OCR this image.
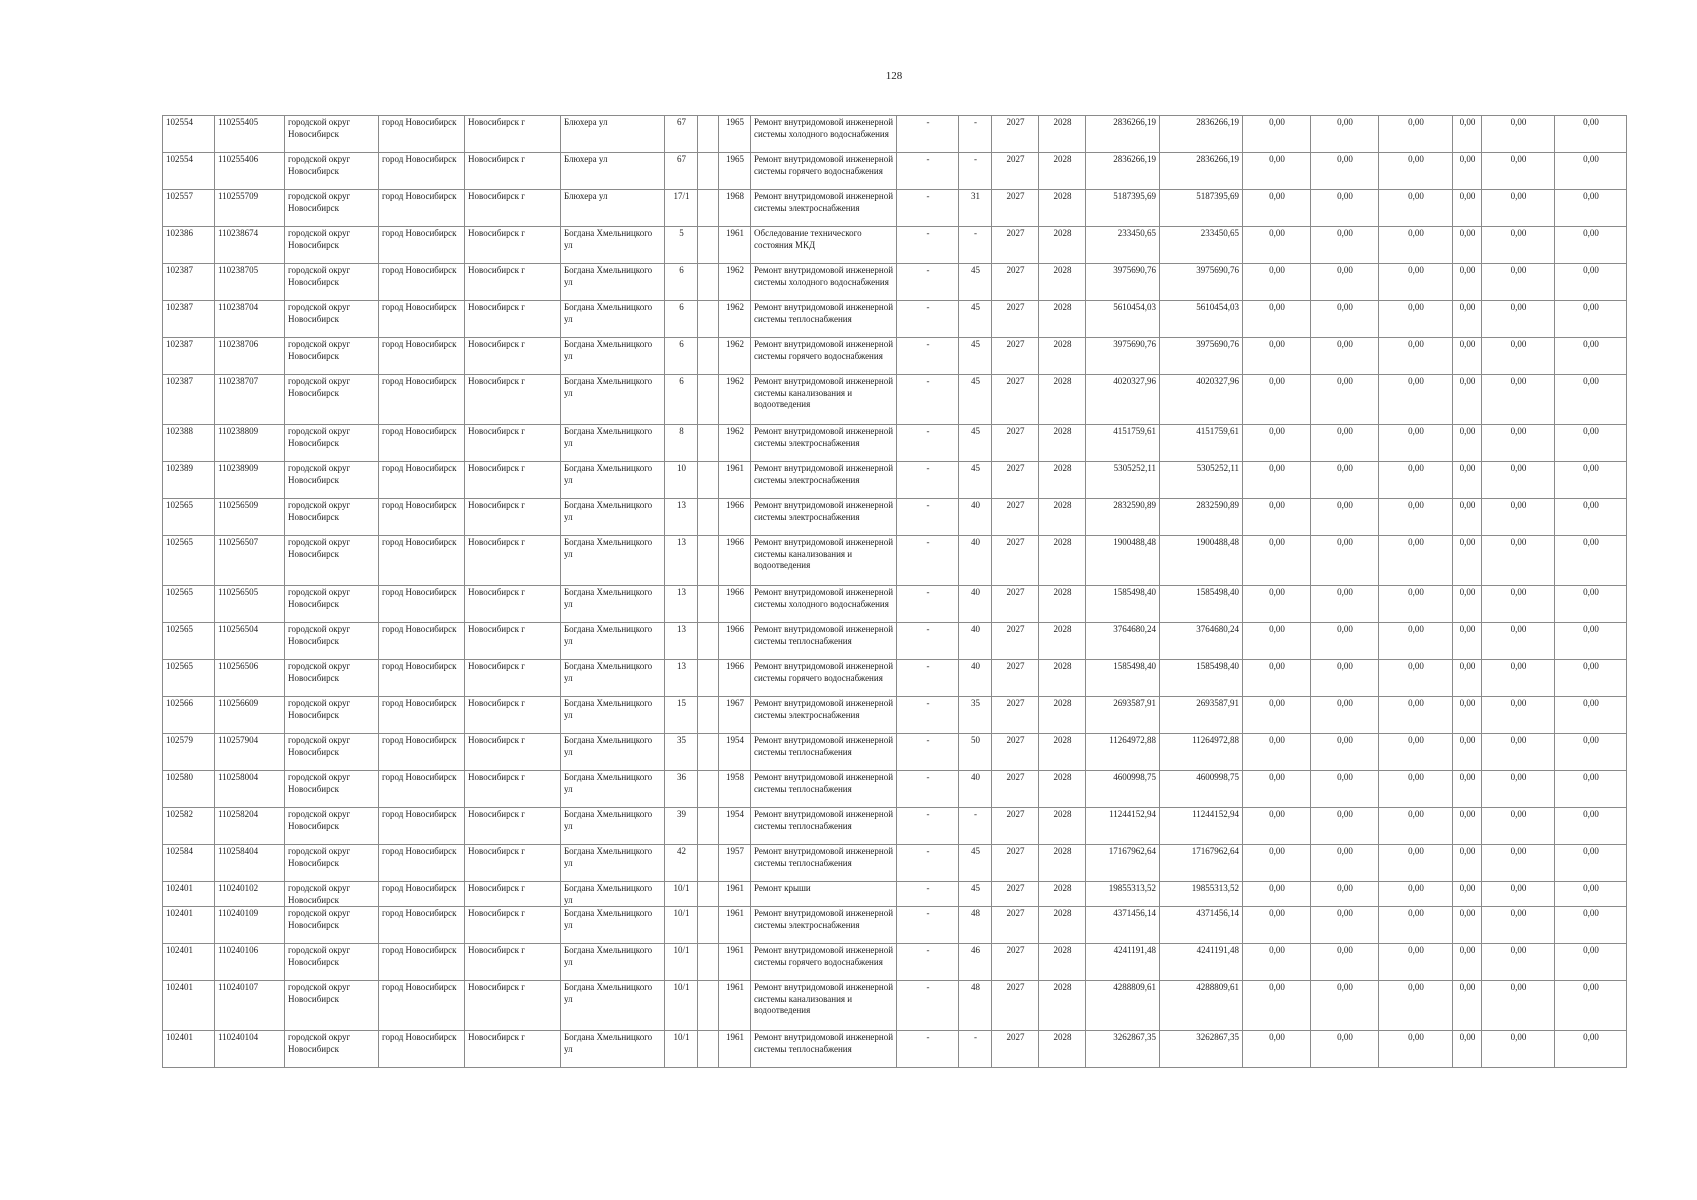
128
102554	110255405	городской округ Новосибирск	город Новосибирск	Новосибирск г	Блюхера ул	67		1965	Ремонт внутридомовой инженерной системы холодного водоснабжения	-	-	2027	2028	2836266,19	2836266,19	0,00	0,00	0,00	0,00	0,00	0,00
102554	110255406	городской округ Новосибирск	город Новосибирск	Новосибирск г	Блюхера ул	67		1965	Ремонт внутридомовой инженерной системы горячего водоснабжения	-	-	2027	2028	2836266,19	2836266,19	0,00	0,00	0,00	0,00	0,00	0,00
102557	110255709	городской округ Новосибирск	город Новосибирск	Новосибирск г	Блюхера ул	17/1		1968	Ремонт внутридомовой инженерной системы электроснабжения	-	31	2027	2028	5187395,69	5187395,69	0,00	0,00	0,00	0,00	0,00	0,00
102386	110238674	городской округ Новосибирск	город Новосибирск	Новосибирск г	Богдана Хмельницкого ул	5		1961	Обследование технического состояния МКД	-	-	2027	2028	233450,65	233450,65	0,00	0,00	0,00	0,00	0,00	0,00
102387	110238705	городской округ Новосибирск	город Новосибирск	Новосибирск г	Богдана Хмельницкого ул	6		1962	Ремонт внутридомовой инженерной системы холодного водоснабжения	-	45	2027	2028	3975690,76	3975690,76	0,00	0,00	0,00	0,00	0,00	0,00
102387	110238704	городской округ Новосибирск	город Новосибирск	Новосибирск г	Богдана Хмельницкого ул	6		1962	Ремонт внутридомовой инженерной системы теплоснабжения	-	45	2027	2028	5610454,03	5610454,03	0,00	0,00	0,00	0,00	0,00	0,00
102387	110238706	городской округ Новосибирск	город Новосибирск	Новосибирск г	Богдана Хмельницкого ул	6		1962	Ремонт внутридомовой инженерной системы горячего водоснабжения	-	45	2027	2028	3975690,76	3975690,76	0,00	0,00	0,00	0,00	0,00	0,00
102387	110238707	городской округ Новосибирск	город Новосибирск	Новосибирск г	Богдана Хмельницкого ул	6		1962	Ремонт внутридомовой инженерной системы канализования и водоотведения	-	45	2027	2028	4020327,96	4020327,96	0,00	0,00	0,00	0,00	0,00	0,00
102388	110238809	городской округ Новосибирск	город Новосибирск	Новосибирск г	Богдана Хмельницкого ул	8		1962	Ремонт внутридомовой инженерной системы электроснабжения	-	45	2027	2028	4151759,61	4151759,61	0,00	0,00	0,00	0,00	0,00	0,00
102389	110238909	городской округ Новосибирск	город Новосибирск	Новосибирск г	Богдана Хмельницкого ул	10		1961	Ремонт внутридомовой инженерной системы электроснабжения	-	45	2027	2028	5305252,11	5305252,11	0,00	0,00	0,00	0,00	0,00	0,00
102565	110256509	городской округ Новосибирск	город Новосибирск	Новосибирск г	Богдана Хмельницкого ул	13		1966	Ремонт внутридомовой инженерной системы электроснабжения	-	40	2027	2028	2832590,89	2832590,89	0,00	0,00	0,00	0,00	0,00	0,00
102565	110256507	городской округ Новосибирск	город Новосибирск	Новосибирск г	Богдана Хмельницкого ул	13		1966	Ремонт внутридомовой инженерной системы канализования и водоотведения	-	40	2027	2028	1900488,48	1900488,48	0,00	0,00	0,00	0,00	0,00	0,00
102565	110256505	городской округ Новосибирск	город Новосибирск	Новосибирск г	Богдана Хмельницкого ул	13		1966	Ремонт внутридомовой инженерной системы холодного водоснабжения	-	40	2027	2028	1585498,40	1585498,40	0,00	0,00	0,00	0,00	0,00	0,00
102565	110256504	городской округ Новосибирск	город Новосибирск	Новосибирск г	Богдана Хмельницкого ул	13		1966	Ремонт внутридомовой инженерной системы теплоснабжения	-	40	2027	2028	3764680,24	3764680,24	0,00	0,00	0,00	0,00	0,00	0,00
102565	110256506	городской округ Новосибирск	город Новосибирск	Новосибирск г	Богдана Хмельницкого ул	13		1966	Ремонт внутридомовой инженерной системы горячего водоснабжения	-	40	2027	2028	1585498,40	1585498,40	0,00	0,00	0,00	0,00	0,00	0,00
102566	110256609	городской округ Новосибирск	город Новосибирск	Новосибирск г	Богдана Хмельницкого ул	15		1967	Ремонт внутридомовой инженерной системы электроснабжения	-	35	2027	2028	2693587,91	2693587,91	0,00	0,00	0,00	0,00	0,00	0,00
102579	110257904	городской округ Новосибирск	город Новосибирск	Новосибирск г	Богдана Хмельницкого ул	35		1954	Ремонт внутридомовой инженерной системы теплоснабжения	-	50	2027	2028	11264972,88	11264972,88	0,00	0,00	0,00	0,00	0,00	0,00
102580	110258004	городской округ Новосибирск	город Новосибирск	Новосибирск г	Богдана Хмельницкого ул	36		1958	Ремонт внутридомовой инженерной системы теплоснабжения	-	40	2027	2028	4600998,75	4600998,75	0,00	0,00	0,00	0,00	0,00	0,00
102582	110258204	городской округ Новосибирск	город Новосибирск	Новосибирск г	Богдана Хмельницкого ул	39		1954	Ремонт внутридомовой инженерной системы теплоснабжения	-	-	2027	2028	11244152,94	11244152,94	0,00	0,00	0,00	0,00	0,00	0,00
102584	110258404	городской округ Новосибирск	город Новосибирск	Новосибирск г	Богдана Хмельницкого ул	42		1957	Ремонт внутридомовой инженерной системы теплоснабжения	-	45	2027	2028	17167962,64	17167962,64	0,00	0,00	0,00	0,00	0,00	0,00
102401	110240102	городской округ Новосибирск	город Новосибирск	Новосибирск г	Богдана Хмельницкого ул	10/1		1961	Ремонт крыши	-	45	2027	2028	19855313,52	19855313,52	0,00	0,00	0,00	0,00	0,00	0,00
102401	110240109	городской округ Новосибирск	город Новосибирск	Новосибирск г	Богдана Хмельницкого ул	10/1		1961	Ремонт внутридомовой инженерной системы электроснабжения	-	48	2027	2028	4371456,14	4371456,14	0,00	0,00	0,00	0,00	0,00	0,00
102401	110240106	городской округ Новосибирск	город Новосибирск	Новосибирск г	Богдана Хмельницкого ул	10/1		1961	Ремонт внутридомовой инженерной системы горячего водоснабжения	-	46	2027	2028	4241191,48	4241191,48	0,00	0,00	0,00	0,00	0,00	0,00
102401	110240107	городской округ Новосибирск	город Новосибирск	Новосибирск г	Богдана Хмельницкого ул	10/1		1961	Ремонт внутридомовой инженерной системы канализования и водоотведения	-	48	2027	2028	4288809,61	4288809,61	0,00	0,00	0,00	0,00	0,00	0,00
102401	110240104	городской округ Новосибирск	город Новосибирск	Новосибирск г	Богдана Хмельницкого ул	10/1		1961	Ремонт внутридомовой инженерной системы теплоснабжения	-	-	2027	2028	3262867,35	3262867,35	0,00	0,00	0,00	0,00	0,00	0,00
